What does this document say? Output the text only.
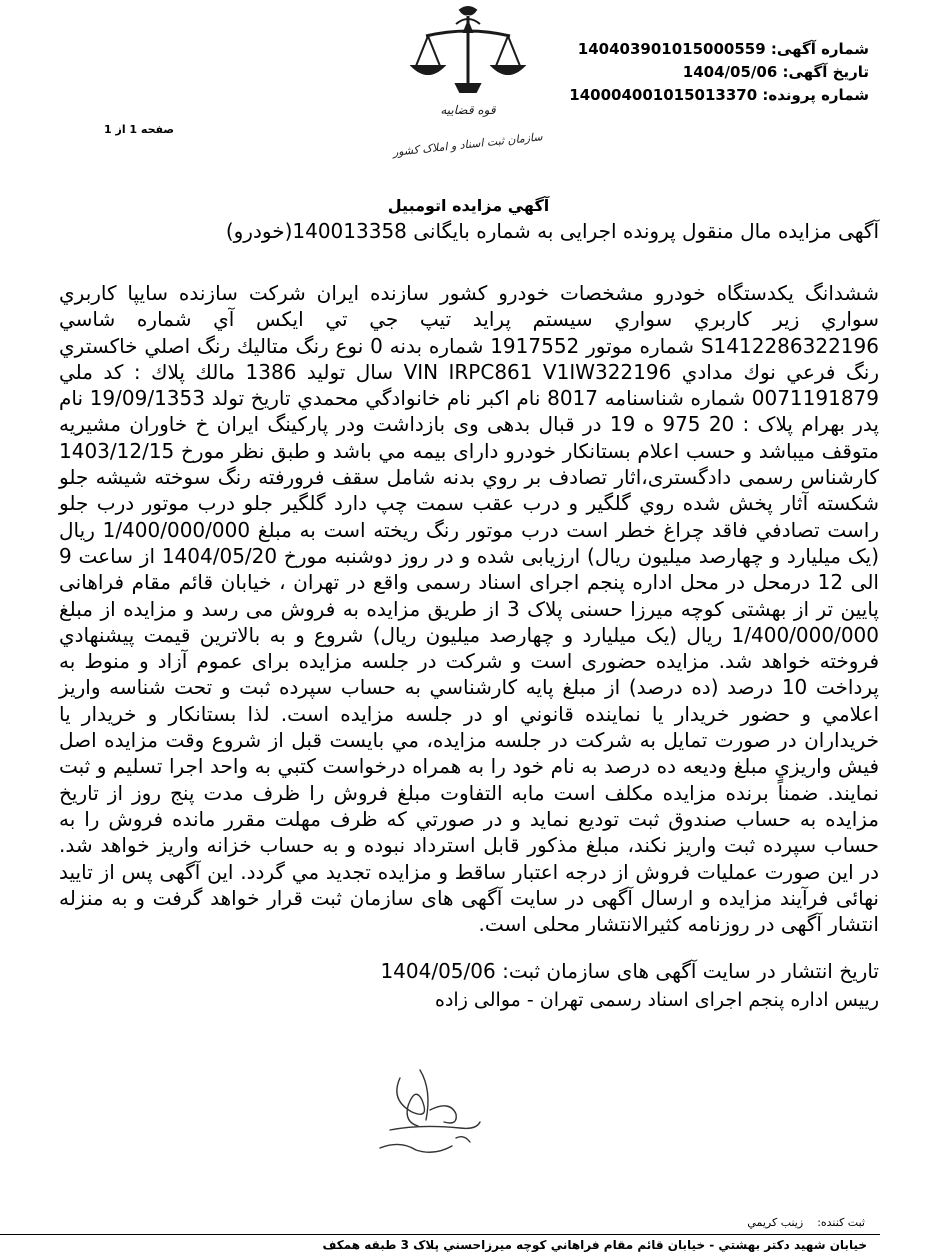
شماره آگهی: 140403901015000559
تاریخ آگهی: 1404/05/06
شماره پرونده: 140004001015013370
قوه قضاییه
سازمان ثبت اسناد و املاک کشور
صفحه 1 از 1
آگهي مزايده اتومبيل
آگهی مزایده مال منقول پرونده اجرایی به شماره بایگانی 140013358(خودرو)
ششدانگ يكدستگاه خودرو مشخصات خودرو كشور سازنده ايران شركت سازنده سايپا كاربري سواري زير كاربري سواري سيستم پرايد تيپ جي تي ايكس آي شماره شاسي S1412286322196 شماره موتور 1917552 شماره بدنه 0 نوع رنگ متاليك رنگ اصلي خاكستري رنگ فرعي نوك مدادي VIN IRPC861 V1IW322196 سال توليد 1386 مالك پلاك : كد ملي 0071191879 شماره شناسنامه 8017 نام اكبر نام خانوادگي محمدي تاريخ تولد 19/09/1353 نام پدر بهرام پلاک : 20 975 ه 19 در قبال بدهی وی بازداشت ودر پاركينگ ايران خ خاوران مشيريه متوقف ميباشد و حسب اعلام بستانكار خودرو دارای بيمه مي باشد و طبق نظر مورخ 1403/12/15 كارشناس رسمی دادگستری،اثار تصادف بر روي بدنه شامل سقف فرورفته رنگ سوخته شيشه جلو شكسته آثار پخش شده روي گلگير و درب عقب سمت چپ دارد گلگير جلو درب موتور درب جلو راست تصادفي فاقد چراغ خطر است درب موتور رنگ ريخته است به مبلغ 1/400/000/000 ريال (يک ميليارد و چهارصد ميليون ريال) ارزيابی شده و در روز دوشنبه مورخ 1404/05/20 از ساعت 9 الی 12 درمحل در محل اداره پنجم اجرای اسناد رسمی واقع در تهران ، خيابان قائم مقام فراهانی پايين تر از بهشتی كوچه ميرزا حسنی پلاک 3 از طريق مزايده به فروش می رسد و مزايده از مبلغ 1/400/000/000 ريال (يک ميليارد و چهارصد ميليون ريال) شروع و به بالاترين قيمت پيشنهادي فروخته خواهد شد. مزايده حضوری است و شرکت در جلسه مزايده برای عموم آزاد و منوط به پرداخت 10 درصد (ده درصد) از مبلغ پايه كارشناسي به حساب سپرده ثبت و تحت شناسه واريز اعلامي و حضور خريدار يا نماينده قانوني او در جلسه مزايده است. لذا بستانكار و خريدار يا خريداران در صورت تمايل به شركت در جلسه مزايده، مي بايست قبل از شروع وقت مزايده اصل فيش واريزي مبلغ وديعه ده درصد به نام خود را به همراه درخواست كتبي به واحد اجرا تسليم و ثبت نمايند. ضمناً برنده مزايده مكلف است مابه التفاوت مبلغ فروش را ظرف مدت پنج روز از تاريخ مزايده به حساب صندوق ثبت توديع نمايد و در صورتي كه ظرف مهلت مقرر مانده فروش را به حساب سپرده ثبت واريز نكند، مبلغ مذكور قابل استرداد نبوده و به حساب خزانه واريز خواهد شد. در اين صورت عمليات فروش از درجه اعتبار ساقط و مزايده تجديد مي گردد. اين آگهی پس از تاييد نهائی فرآيند مزايده و ارسال آگهی در سايت آگهی های سازمان ثبت قرار خواهد گرفت و به منزله انتشار آگهی در روزنامه كثيرالانتشار محلی است.
تاریخ انتشار در سایت آگهی های سازمان ثبت: 1404/05/06
رييس اداره پنجم اجرای اسناد رسمی تهران - موالی زاده
ثبت کننده:    زينب کريمي
خيابان شهيد دكتر بهشتي - خيابان قائم مقام فراهاني كوچه ميرزاحسني پلاک 3 طبقه همكف
